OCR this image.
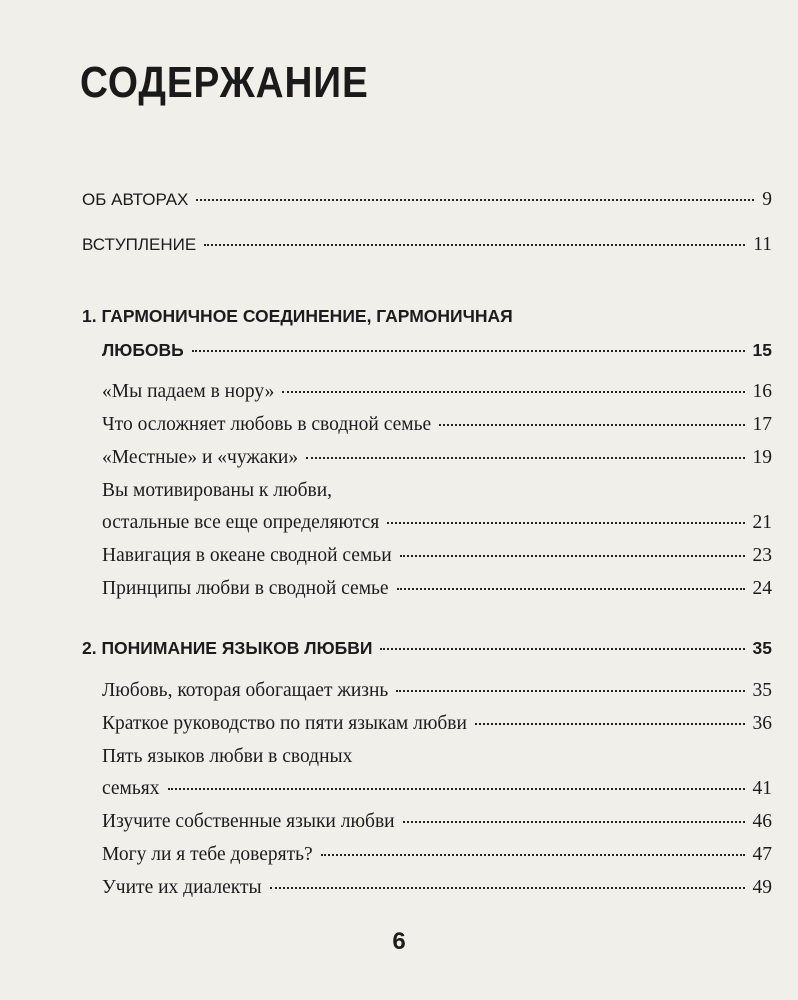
СОДЕРЖАНИЕ
ОБ АВТОРАХ	9
ВСТУПЛЕНИЕ	11
1. ГАРМОНИЧНОЕ СОЕДИНЕНИЕ, ГАРМОНИЧНАЯ
ЛЮБОВЬ	15
«Мы падаем в нору»	16
Что осложняет любовь в сводной семье	17
«Местные» и «чужаки»	19
Вы мотивированы к любви,
остальные все еще определяются	21
Навигация в океане сводной семьи	23
Принципы любви в сводной семье	24
2. ПОНИМАНИЕ ЯЗЫКОВ ЛЮБВИ	35
Любовь, которая обогащает жизнь	35
Краткое руководство по пяти языкам любви	36
Пять языков любви в сводных
семьях	41
Изучите собственные языки любви	46
Могу ли я тебе доверять?	47
Учите их диалекты	49
6
